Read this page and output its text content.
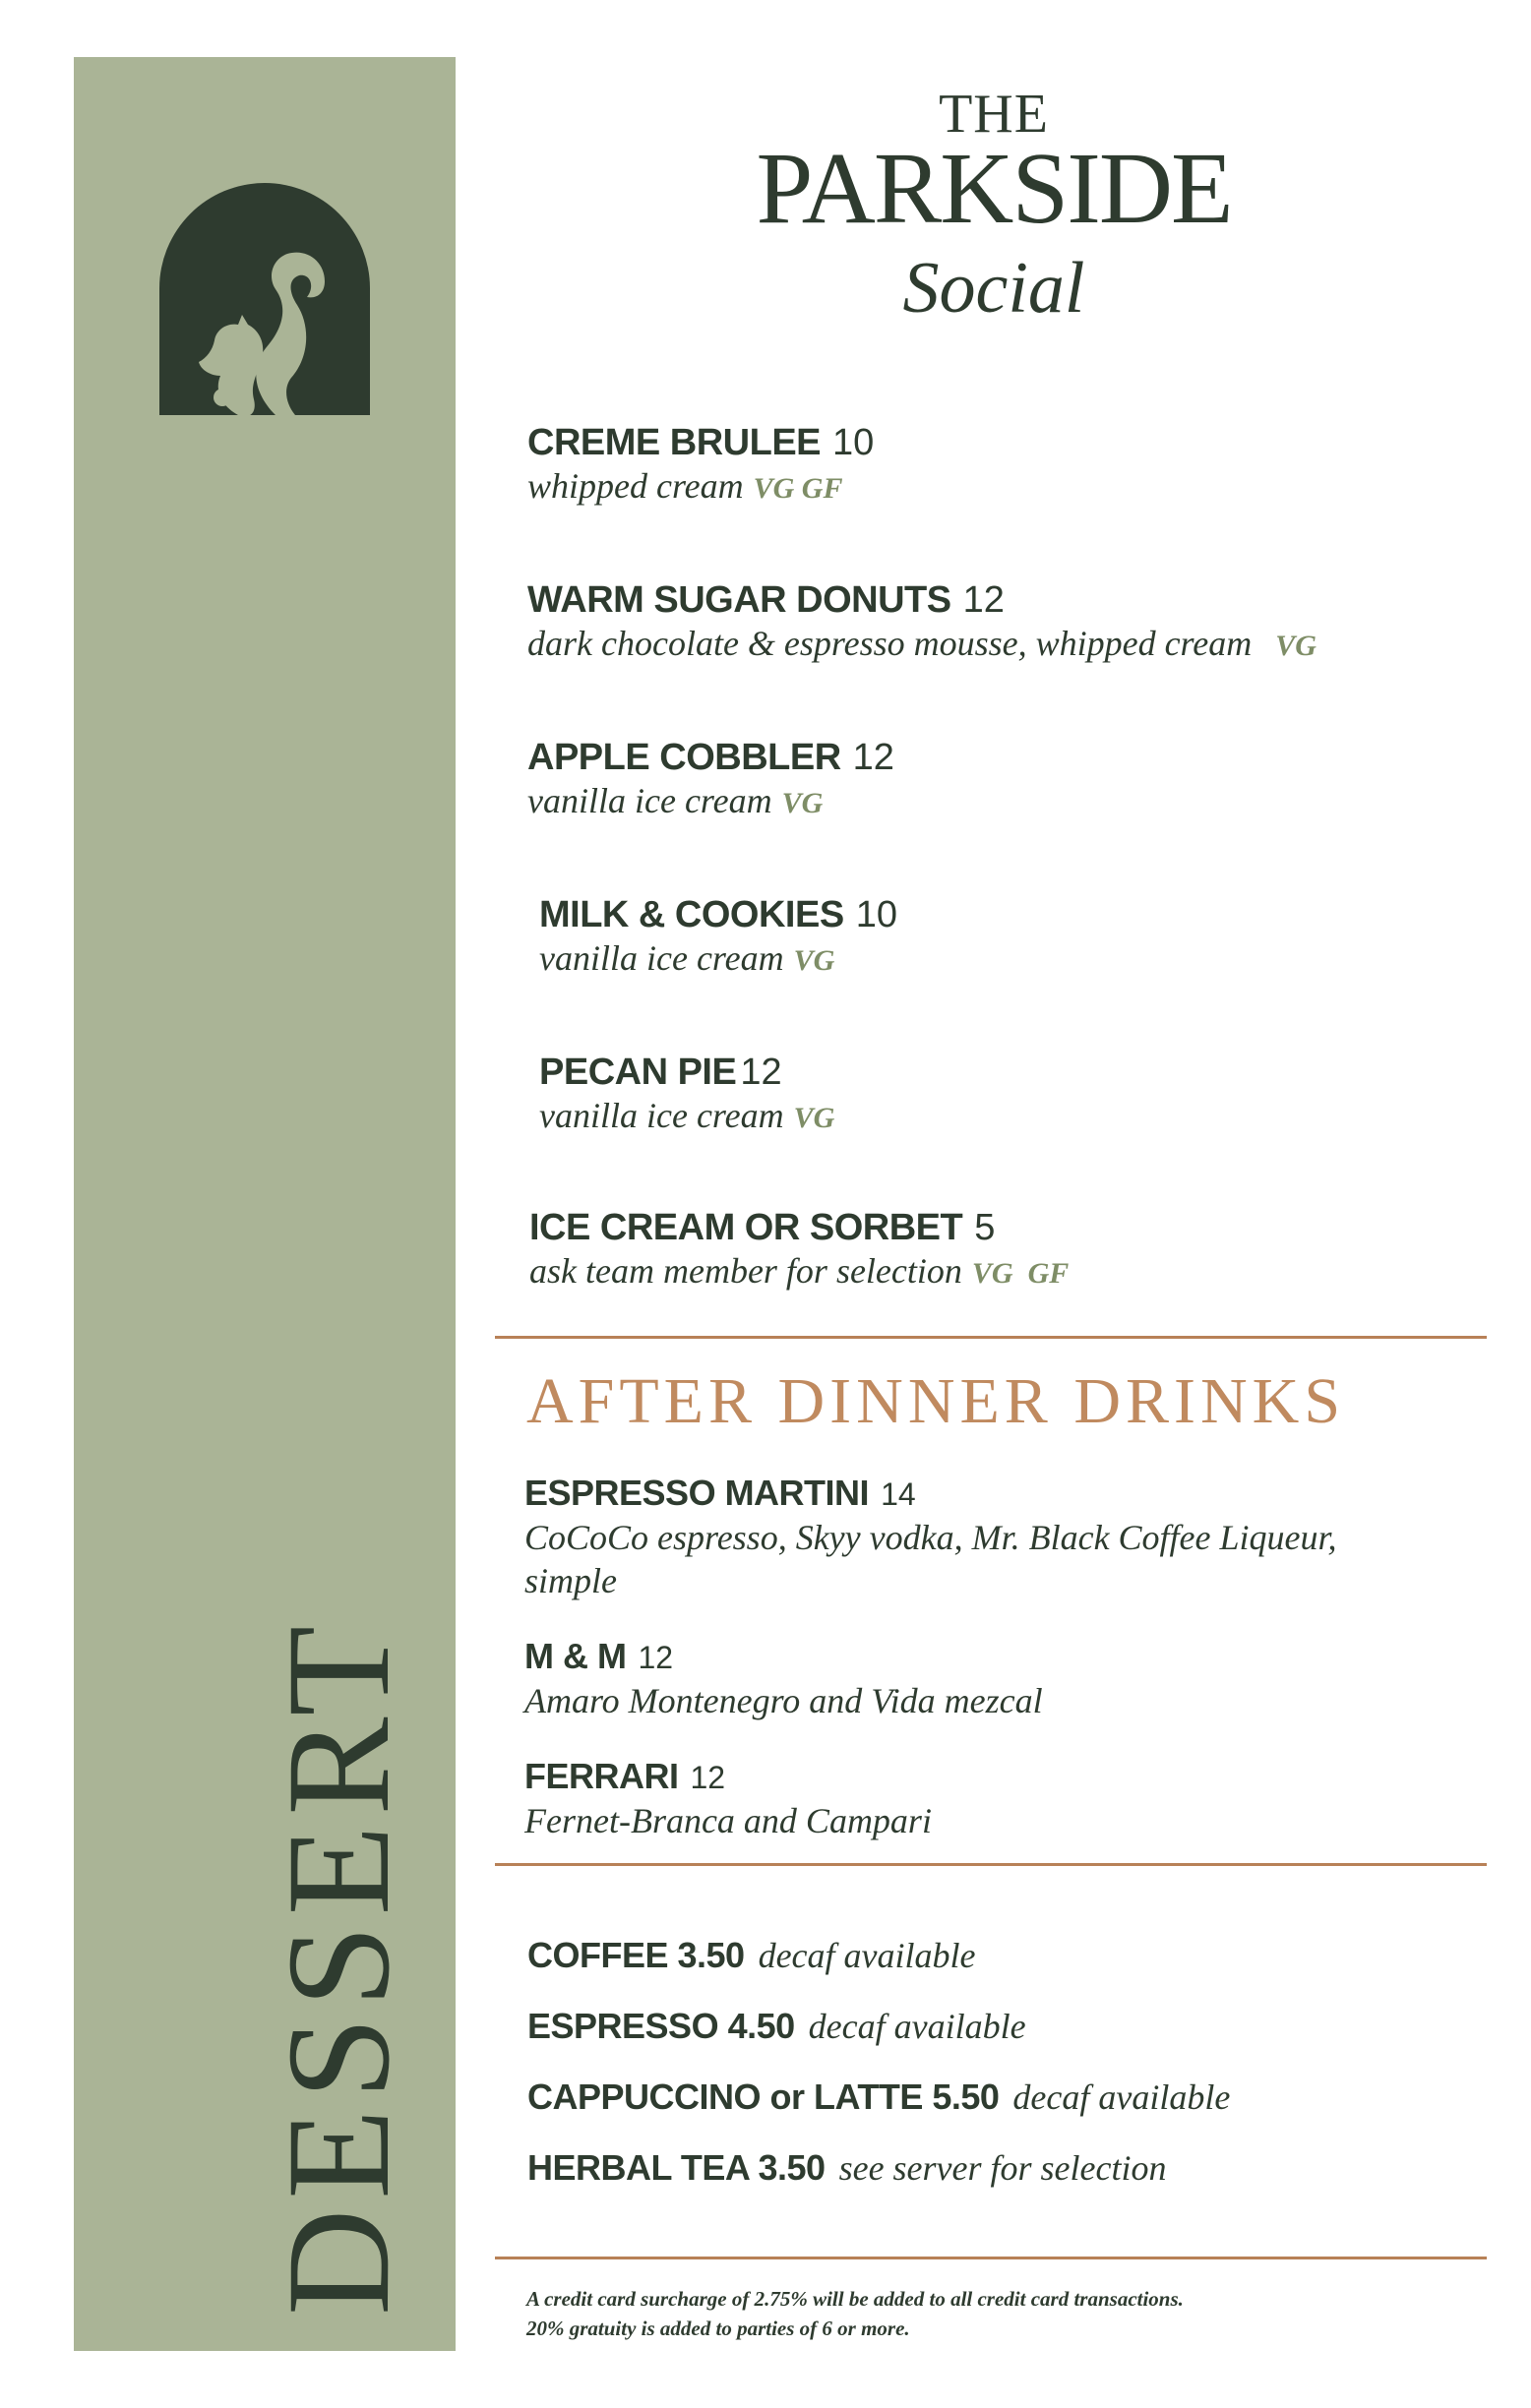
DESSERT
THE
PARKSIDE
Social
CREME BRULEE 10
whipped cream VG GF
WARM SUGAR DONUTS 12
dark chocolate & espresso mousse, whipped cream VG
APPLE COBBLER 12
vanilla ice cream VG
MILK & COOKIES 10
vanilla ice cream VG
PECAN PIE 12
vanilla ice cream VG
ICE CREAM OR SORBET 5
ask team member for selection VG  GF
AFTER DINNER DRINKS
ESPRESSO MARTINI 14
CoCoCo espresso, Skyy vodka, Mr. Black Coffee Liqueur, simple
M & M 12
Amaro Montenegro and Vida mezcal
FERRARI 12
Fernet-Branca and Campari
COFFEE 3.50 decaf available
ESPRESSO 4.50 decaf available
CAPPUCCINO or LATTE 5.50 decaf available
HERBAL TEA 3.50 see server for selection
A credit card surcharge of 2.75% will be added to all credit card transactions.
20% gratuity is added to parties of 6 or more.
